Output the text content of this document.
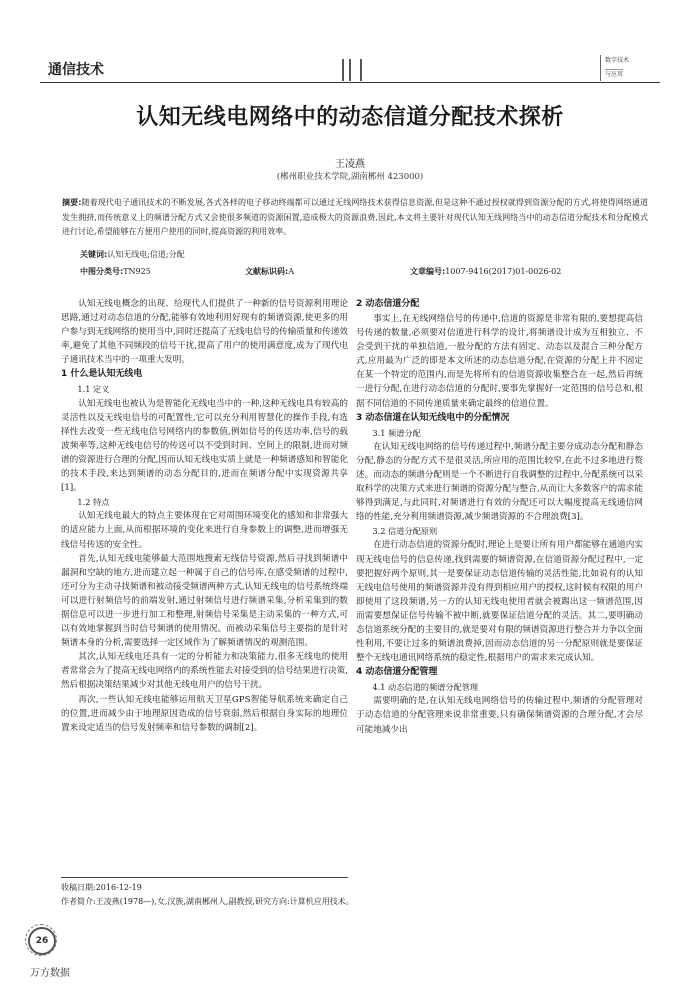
通信技术
数字技术
与应用
认知无线电网络中的动态信道分配技术探析
王凌燕
(郴州职业技术学院,湖南郴州 423000)
摘要:随着现代电子通讯技术的不断发展,各式各样的电子移动终端都可以通过无线网络技术获得信息资源,但是这种不通过授权就得到资源分配的方式,将使得网络通道发生拥挤,而传统意义上的频谱分配方式又会使很多频道的资源闲置,造成极大的资源浪费,因此,本文将主要针对现代认知无线网络当中的动态信道分配技术和分配模式进行讨论,希望能够在方便用户使用的同时,提高资源的利用效率。
关键词:认知无线电;信道;分配
中图分类号:TN925	文献标识码:A	文章编号:1007-9416(2017)01-0026-02

认知无线电概念的出现、给现代人们提供了一种新的信号资源利用理论思路,通过对动态信道的分配,能够有效地利用好现有的频谱资源,使更多的用户参与到无线网络的使用当中,同时还提高了无线电信号的传输质量和传递效率,避免了其他不同频段的信号干扰,提高了用户的使用满意度,成为了现代电子通讯技术当中的一项重大发明。

1 什么是认知无线电

1.1 定义

认知无线电也被认为是智能化无线电当中的一种,这种无线电具有较高的灵活性以及无线电信号的可配置性,它可以充分利用智慧化的操作手段,有选择性去改变一些无线电信号网络内的参数值,例如信号的传送功率,信号的载波频率等,这种无线电信号的传送可以不受到时间、空间上的限制,进而对频谱的资源进行合理的分配,因而认知无线电实质上就是一种频谱感知和智能化的技术手段,来达到频谱的动态分配目的,进而在频谱分配中实现资源共享[1]。

1.2 特点

认知无线电最大的特点主要体现在它对周围环境变化的感知和非常强大的适应能力上面,从而根据环境的变化来进行自身参数上的调整,进而增强无线信号传送的安全性。

首先,认知无线电能够最大范围地搜索无线信号资源,然后寻找到频谱中漏洞和空缺的地方,进而建立起一种属于自己的信号库,在感受频谱的过程中,还可分为主动寻找频谱和被动接受频谱两种方式,认知无线电的信号系统终端可以进行射频信号的前端发射,通过射频信号进行频谱采集,分析采集到的数据信息可以进一步进行加工和整理,射频信号采集是主动采集的一种方式,可以有效地掌握到当时信号频谱的使用情况。而被动采集信号主要指的是针对频谱本身的分析,需要选择一定区域作为了解频谱情况的观测范围。

其次,认知无线电还具有一定的分析能力和决策能力,很多无线电的使用者常常会为了提高无线电网络内的系统性能去对接受到的信号结果进行决策,然后根据决策结果减少对其他无线电用户的信号干扰。

再次,一些认知无线电能够运用航天卫星GPS智能导航系统来确定自己的位置,进而减少由于地理原因造成的信号衰弱,然后根据自身实际的地理位置来设定适当的信号发射频率和信号参数的调制[2]。

2 动态信道分配

事实上,在无线网络信号的传递中,信道的资源是非常有限的,要想提高信号传递的数量,必须要对信道进行科学的设计,将频谱设计成为互相独立、不会受到干扰的单独信道,一般分配的方法有固定、动态以及混合三种分配方式,应用最为广泛的即是本文所述的动态信道分配,在资源的分配上并不固定在某一个特定的范围内,而是先将所有的信道资源收集整合在一起,然后再统一进行分配,在进行动态信道的分配时,要事先掌握好一定范围的信号总和,根据不同信道的不同传递质量来确定最终的信道位置。

3 动态信道在认知无线电中的分配情况

3.1 频谱分配

在认知无线电网络的信号传递过程中,频谱分配主要分成动态分配和静态分配,静态的分配方式不是很灵活,所应用的范围比较窄,在此不过多地进行赘述。而动态的频谱分配则是一个不断进行自我调整的过程中,分配系统可以采取科学的决策方式来进行频谱的资源分配与整合,从而让大多数客户的需求能够得到满足,与此同时,对频谱进行有效的分配还可以大幅度提高无线通信网络的性能,充分利用频谱资源,减少频谱资源的不合理浪费[3]。

3.2 信道分配原则

在进行动态信道的资源分配时,理论上是要让所有用户都能够在通道内实现无线电信号的信息传递,找到需要的频谱资源,在信道资源分配过程中,一定要把握好两个原则,其一是要保证动态信道传输的灵活性能,比如说有的认知无线电信号使用的频谱资源并没有得到相应用户的授权,这时候有权限的用户即使用了这段频谱,另一方的认知无线电使用者就会被踢出这一频谱范围,因而需要想保证信号传输不被中断,就要保证信道分配的灵活。其二,要明确动态信道系统分配的主要目的,就是要对有限的频谱资源进行整合并力争以全面性利用,不要让过多的频谱浪费掉,因而动态信道的另一分配原则就是要保证整个无线电通讯网络系统的稳定性,根据用户的需求来完成认知。

4 动态信道分配管理

4.1 动态信道的频谱分配管理

需要明确的是,在认知无线电网络信号的传输过程中,频谱的分配管理对于动态信道的分配管理来说非常重要,只有确保频谱资源的合理分配,才会尽可能地减少出

收稿日期:2016-12-19
作者简介:王凌燕(1978—),女,汉族,湖南郴州人,副教授,研究方向:计算机应用技术。
26
万方数据
